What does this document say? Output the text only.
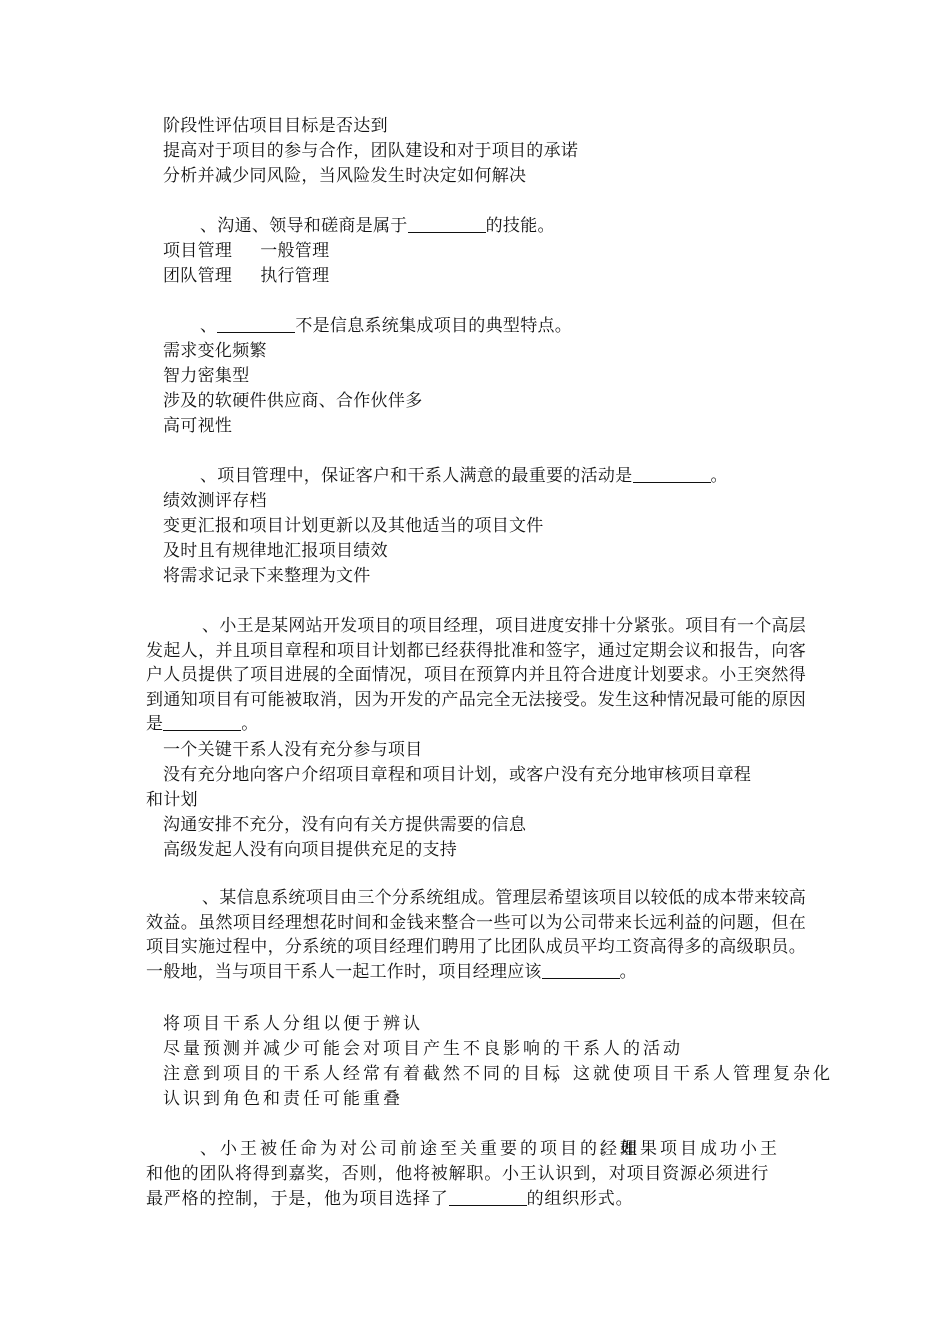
阶段性评估项目目标是否达到
提高对于项目的参与合作，团队建设和对于项目的承诺
分析并减少同风险，当风险发生时决定如何解决
、沟通、领导和磋商是属于	的技能。
项目管理 一般管理
团队管理 执行管理
、	不是信息系统集成项目的典型特点。
需求变化频繁
智力密集型
涉及的软硬件供应商、合作伙伴多
高可视性
、项目管理中，保证客户和干系人满意的最重要的活动是	。
绩效测评存档
变更汇报和项目计划更新以及其他适当的项目文件
及时且有规律地汇报项目绩效
将需求记录下来整理为文件
、小王是某网站开发项目的项目经理，项目进度安排十分紧张。项目有一个高层发起人，并且项目章程和项目计划都已经获得批准和签字，通过定期会议和报告，向客户人员提供了项目进展的全面情况，项目在预算内并且符合进度计划要求。小王突然得到通知项目有可能被取消，因为开发的产品完全无法接受。发生这种情况最可能的原因是	。
一个关键干系人没有充分参与项目
没有充分地向客户介绍项目章程和项目计划，或客户没有充分地审核项目章程
和计划
沟通安排不充分，没有向有关方提供需要的信息
高级发起人没有向项目提供充足的支持
、某信息系统项目由三个分系统组成。管理层希望该项目以较低的成本带来较高效益。虽然项目经理想花时间和金钱来整合一些可以为公司带来长远利益的问题，但在项目实施过程中，分系统的项目经理们聘用了比团队成员平均工资高得多的高级职员。一般地，当与项目干系人一起工作时，项目经理应该	。
将项目干系人分组以便于辨认
尽量预测并减少可能会对项目产生不良影响的干系人的活动
注意到项目的干系人经常有着截然不同的目标
，这就使项目干系人管理复杂化
认识到角色和责任可能重叠
、小王被任命为对公司前途至关重要的项目的经理
。如果项目成功小王
和他的团队将得到嘉奖，否则，他将被解职。小王认识到，对项目资源必须进行
最严格的控制，于是，他为项目选择了	的组织形式。
